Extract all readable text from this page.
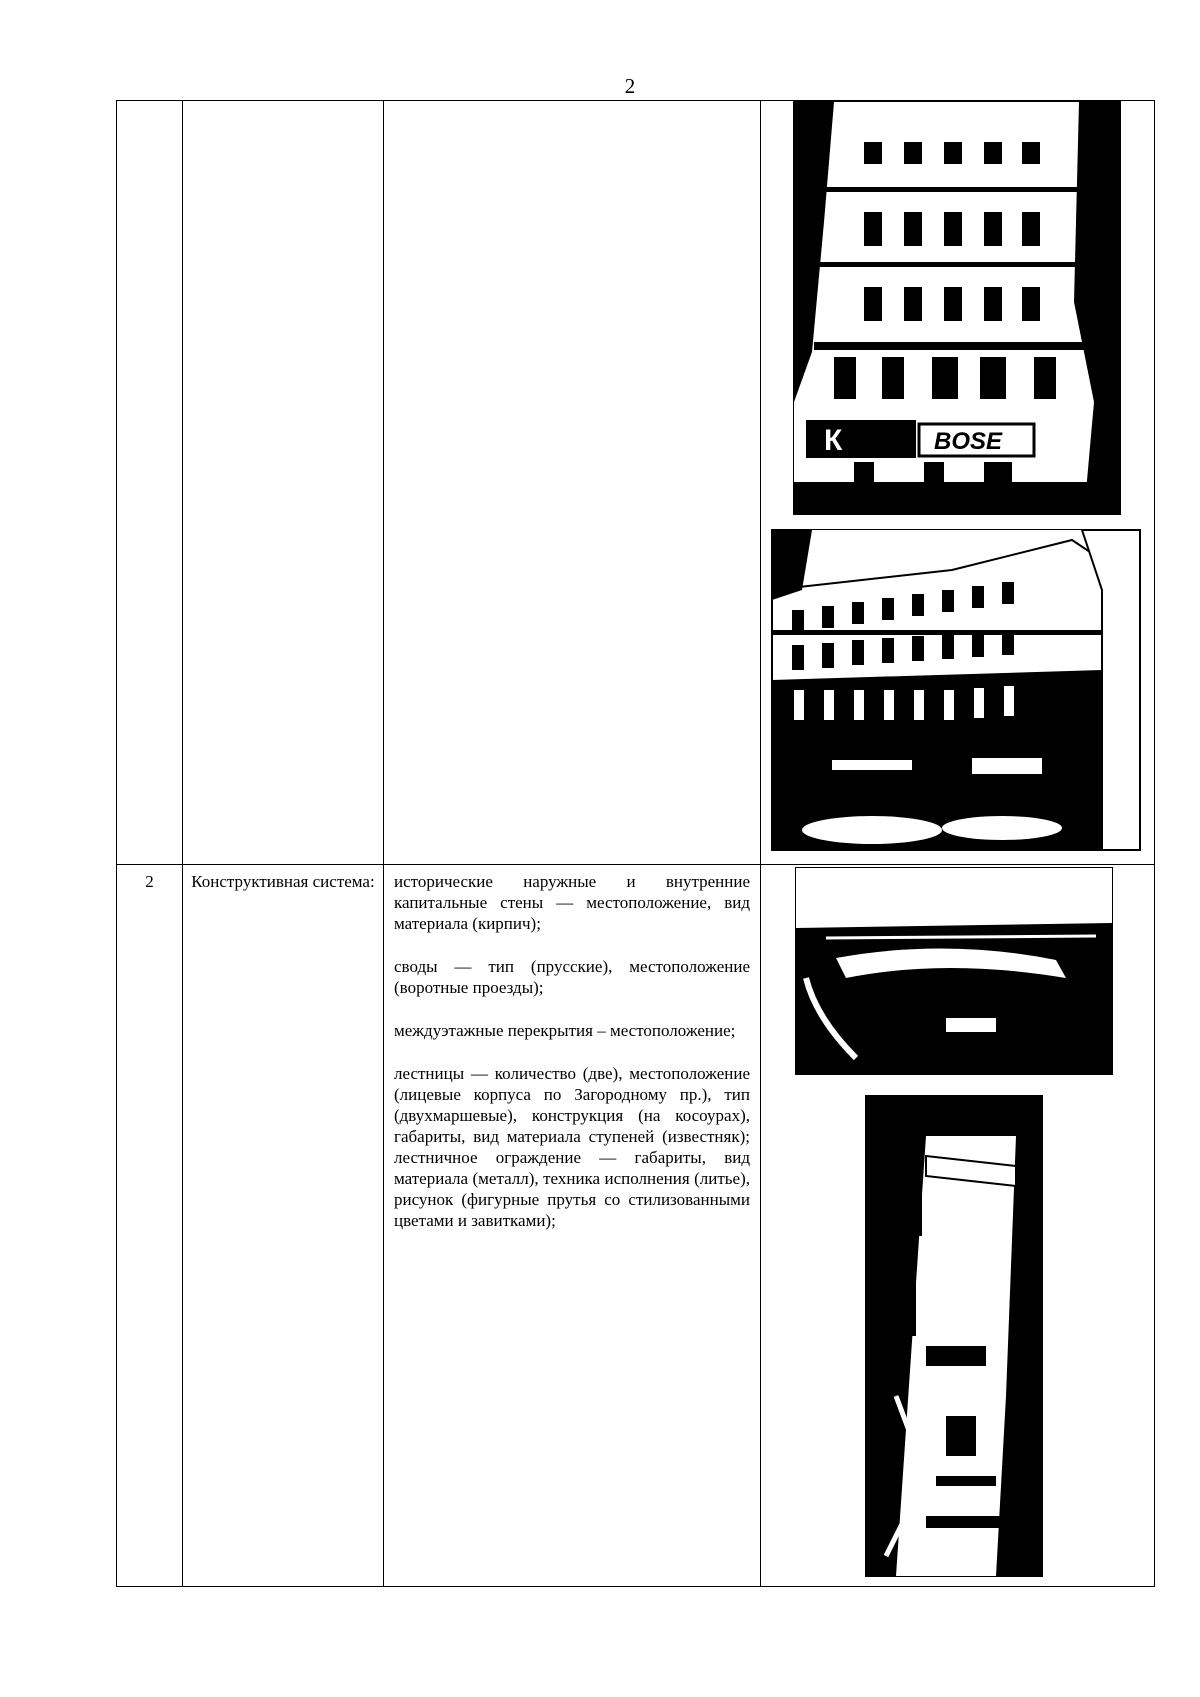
2

К BOSE

2	Конструктивная система:	исторические наружные и внутренние капитальные стены — местоположение, вид материала (кирпич);

своды — тип (прусские), местоположение (воротные проезды);

междуэтажные перекрытия – местоположение;

лестницы — количество (две), местоположение (лицевые корпуса по Загородному пр.), тип (двухмаршевые), конструкция (на косоурах), габариты, вид материала ступеней (известняк); лестничное ограждение — габариты, вид материала (металл), техника исполнения (литье), рисунок (фигурные прутья со стилизованными цветами и завитками);
